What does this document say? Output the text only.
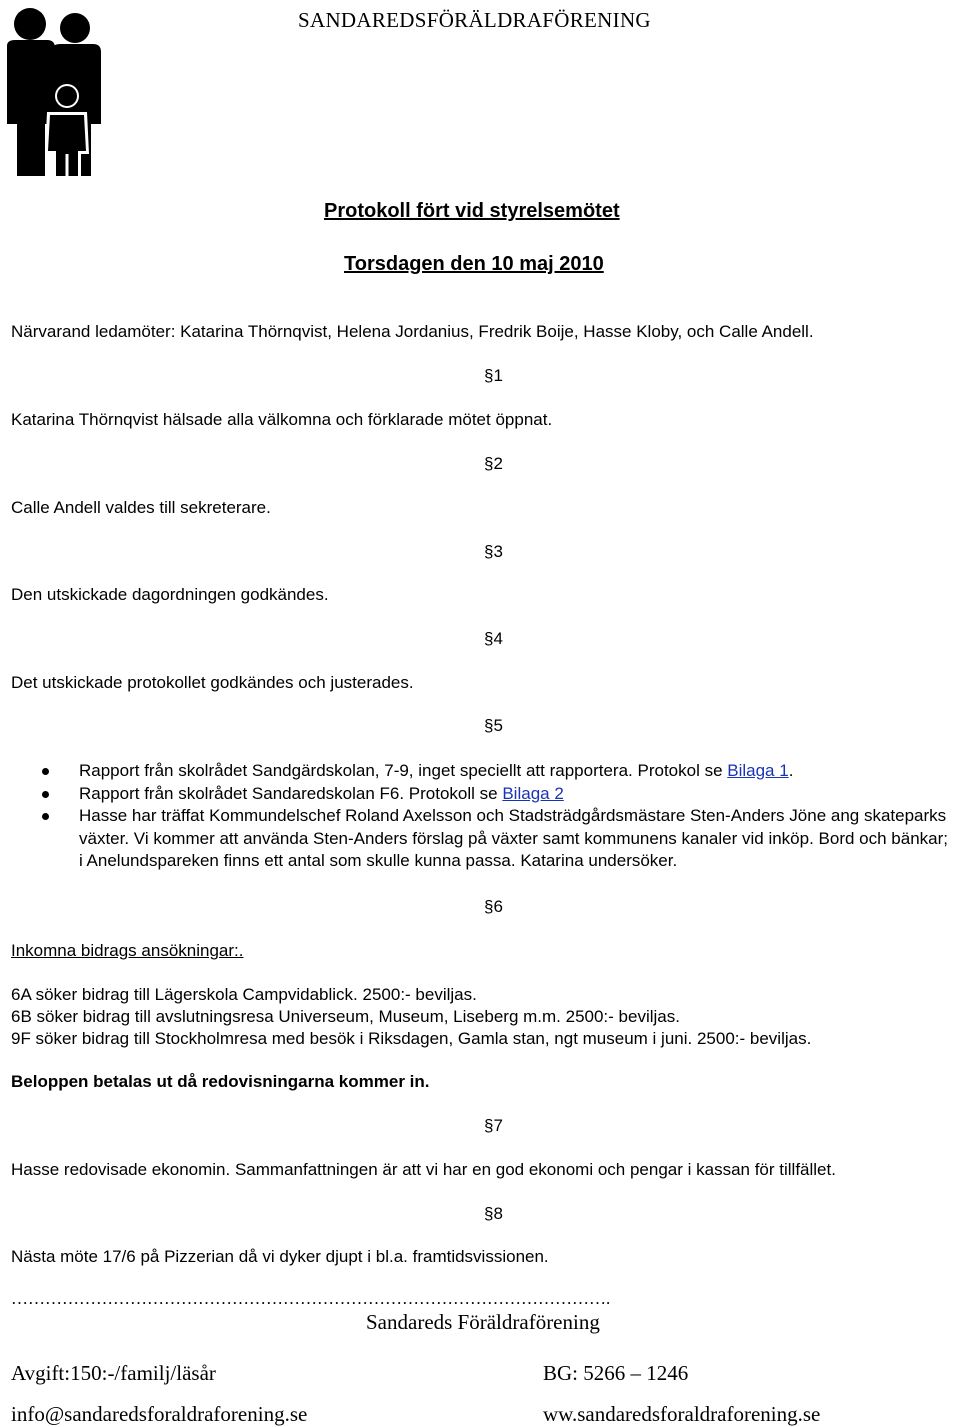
SANDAREDSFÖRÄLDRAFÖRENING
Protokoll fört vid styrelsemötet
Torsdagen den 10 maj 2010
Närvarand ledamöter: Katarina Thörnqvist, Helena Jordanius, Fredrik Boije, Hasse Kloby, och Calle Andell.
§1
Katarina Thörnqvist hälsade alla välkomna och förklarade mötet öppnat.
§2
Calle Andell valdes till sekreterare.
§3
Den utskickade dagordningen godkändes.
§4
Det utskickade protokollet godkändes och justerades.
§5
Rapport från skolrådet Sandgärdskolan, 7-9, inget speciellt att rapportera. Protokol se Bilaga 1.
Rapport från skolrådet Sandaredskolan F6. Protokoll se Bilaga 2
Hasse har träffat Kommundelschef Roland Axelsson och Stadsträdgårdsmästare Sten-Anders Jöne ang skateparks växter. Vi kommer att använda Sten-Anders förslag på växter samt kommunens kanaler vid inköp. Bord och bänkar; i Anelundspareken finns ett antal som skulle kunna passa. Katarina undersöker.
§6
Inkomna bidrags ansökningar:.
6A söker bidrag till Lägerskola Campvidablick. 2500:- beviljas.
6B söker bidrag till avslutningsresa Universeum, Museum, Liseberg m.m. 2500:- beviljas.
9F söker bidrag till Stockholmresa med besök i Riksdagen, Gamla stan, ngt museum i juni. 2500:- beviljas.
Beloppen betalas ut då redovisningarna kommer in.
§7
Hasse redovisade ekonomin. Sammanfattningen är att vi har en god ekonomi och pengar i kassan för tillfället.
§8
Nästa möte 17/6 på Pizzerian då vi dyker djupt i bl.a. framtidsvissionen.
…………………………………………………………………………………………….
Sandareds Föräldraförening
Avgift:150:-/familj/läsår	BG: 5266 – 1246
info@sandaredsforaldraforening.se	ww.sandaredsforaldraforening.se
